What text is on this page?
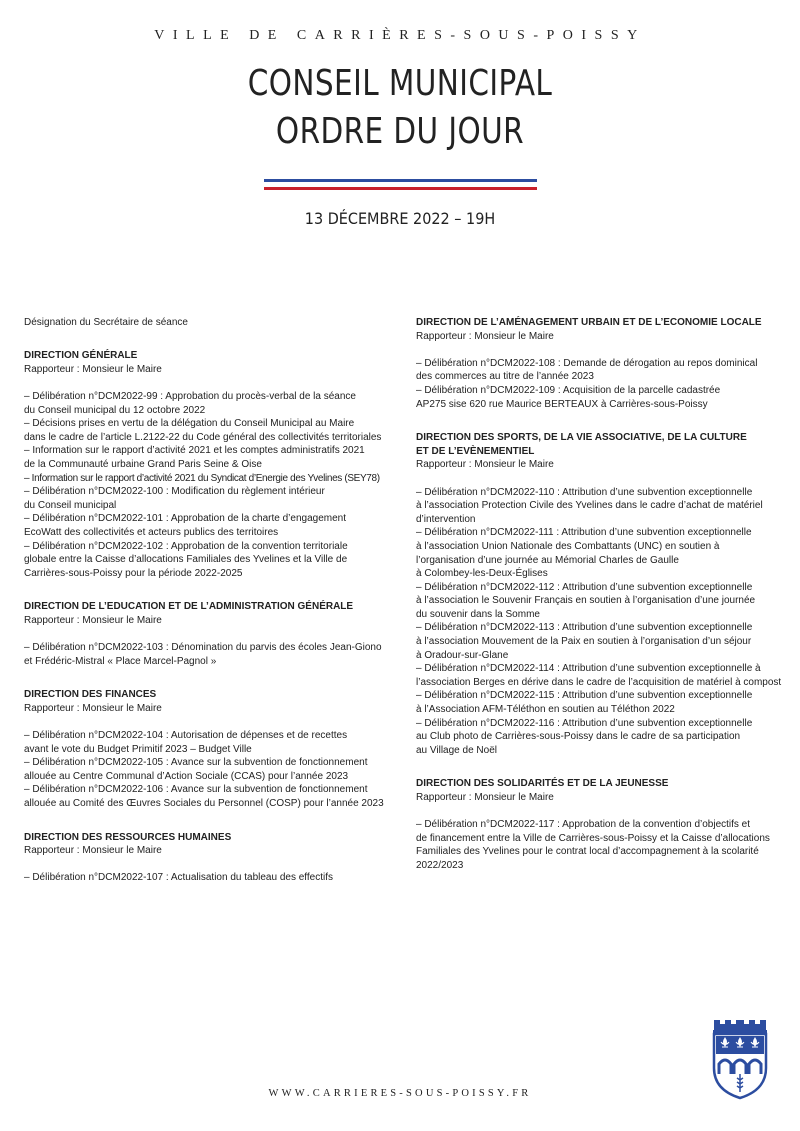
VILLE DE CARRIÈRES-SOUS-POISSY
CONSEIL MUNICIPAL
ORDRE DU JOUR
13 DÉCEMBRE 2022 – 19H

Désignation du Secrétaire de séance

DIRECTION GÉNÉRALE

Rapporteur : Monsieur le Maire

– Délibération n°DCM2022-99 : Approbation du procès-verbal de la séance

du Conseil municipal du 12 octobre 2022

– Décisions prises en vertu de la délégation du Conseil Municipal au Maire

dans le cadre de l’article L.2122-22 du Code général des collectivités territoriales

– Information sur le rapport d’activité 2021 et les comptes administratifs 2021

de la Communauté urbaine Grand Paris Seine & Oise

– Information sur le rapport d’activité 2021 du Syndicat d’Energie des Yvelines (SEY78)

– Délibération n°DCM2022-100 : Modification du règlement intérieur

du Conseil municipal

– Délibération n°DCM2022-101 : Approbation de la charte d’engagement

EcoWatt des collectivités et acteurs publics des territoires

– Délibération n°DCM2022-102 : Approbation de la convention territoriale

globale entre la Caisse d’allocations Familiales des Yvelines et la Ville de

Carrières-sous-Poissy pour la période 2022-2025

DIRECTION DE L’EDUCATION ET DE L’ADMINISTRATION GÉNÉRALE

Rapporteur : Monsieur le Maire

– Délibération n°DCM2022-103 : Dénomination du parvis des écoles Jean-Giono

et Frédéric-Mistral « Place Marcel-Pagnol »

DIRECTION DES FINANCES

Rapporteur : Monsieur le Maire

– Délibération n°DCM2022-104 : Autorisation de dépenses et de recettes

avant le vote du Budget Primitif 2023 – Budget Ville

– Délibération n°DCM2022-105 : Avance sur la subvention de fonctionnement

allouée au Centre Communal d’Action Sociale (CCAS) pour l’année 2023

– Délibération n°DCM2022-106 : Avance sur la subvention de fonctionnement

allouée au Comité des Œuvres Sociales du Personnel (COSP) pour l’année 2023

DIRECTION DES RESSOURCES HUMAINES

Rapporteur : Monsieur le Maire

– Délibération n°DCM2022-107 : Actualisation du tableau des effectifs

DIRECTION DE L’AMÉNAGEMENT URBAIN ET DE L’ECONOMIE LOCALE

Rapporteur : Monsieur le Maire

– Délibération n°DCM2022-108 : Demande de dérogation au repos dominical

des commerces au titre de l’année 2023

– Délibération n°DCM2022-109 : Acquisition de la parcelle cadastrée

AP275 sise 620 rue Maurice BERTEAUX à Carrières-sous-Poissy

DIRECTION DES SPORTS, DE LA VIE ASSOCIATIVE, DE LA CULTURE

ET DE L’EVÈNEMENTIEL

Rapporteur : Monsieur le Maire

– Délibération n°DCM2022-110 : Attribution d’une subvention exceptionnelle

à l’association Protection Civile des Yvelines dans le cadre d’achat de matériel

d’intervention

– Délibération n°DCM2022-111 : Attribution d’une subvention exceptionnelle

à l’association Union Nationale des Combattants (UNC) en soutien à

l’organisation d’une journée au Mémorial Charles de Gaulle

à Colombey-les-Deux-Églises

– Délibération n°DCM2022-112 : Attribution d’une subvention exceptionnelle

à l’association le Souvenir Français en soutien à l’organisation d’une journée

du souvenir dans la Somme

– Délibération n°DCM2022-113 : Attribution d’une subvention exceptionnelle

à l’association Mouvement de la Paix en soutien à l’organisation d’un séjour

à Oradour-sur-Glane

– Délibération n°DCM2022-114 : Attribution d’une subvention exceptionnelle à

l’association Berges en dérive dans le cadre de l’acquisition de matériel à compost

– Délibération n°DCM2022-115 : Attribution d’une subvention exceptionnelle

à l’Association AFM-Téléthon en soutien au Téléthon 2022

– Délibération n°DCM2022-116 : Attribution d’une subvention exceptionnelle

au Club photo de Carrières-sous-Poissy dans le cadre de sa participation

au Village de Noël

DIRECTION DES SOLIDARITÉS ET DE LA JEUNESSE

Rapporteur : Monsieur le Maire

– Délibération n°DCM2022-117 : Approbation de la convention d’objectifs et

de financement entre la Ville de Carrières-sous-Poissy et la Caisse d’allocations

Familiales des Yvelines pour le contrat local d’accompagnement à la scolarité

2022/2023

WWW.CARRIERES-SOUS-POISSY.FR
